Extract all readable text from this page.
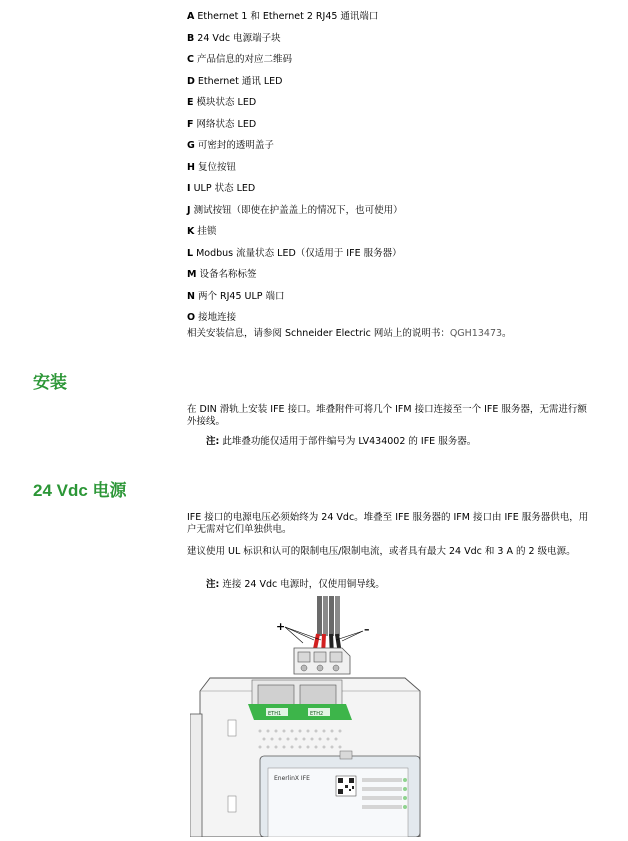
A Ethernet 1 和 Ethernet 2 RJ45 通讯端口
B 24 Vdc 电源端子块
C 产品信息的对应二维码
D Ethernet 通讯 LED
E 模块状态 LED
F 网络状态 LED
G 可密封的透明盖子
H 复位按钮
I ULP 状态 LED
J 测试按钮（即使在护盖盖上的情况下，也可使用）
K 挂锁
L Modbus 流量状态 LED（仅适用于 IFE 服务器）
M 设备名称标签
N 两个 RJ45 ULP 端口
O 接地连接
相关安装信息，请参阅 Schneider Electric 网站上的说明书：QGH13473。
安装
在 DIN 滑轨上安装 IFE 接口。堆叠附件可将几个 IFM 接口连接至一个 IFE 服务器，无需进行额外接线。
注: 此堆叠功能仅适用于部件编号为 LV434002 的 IFE 服务器。
24 Vdc 电源
IFE 接口的电源电压必须始终为 24 Vdc。堆叠至 IFE 服务器的 IFM 接口由 IFE 服务器供电，用户无需对它们单独供电。
建议使用 UL 标识和认可的限制电压/限制电流，或者具有最大 24 Vdc 和 3 A 的 2 级电源。
注: 连接 24 Vdc 电源时，仅使用铜导线。
+	–
ETH1	ETH2
EnerlinX IFE
